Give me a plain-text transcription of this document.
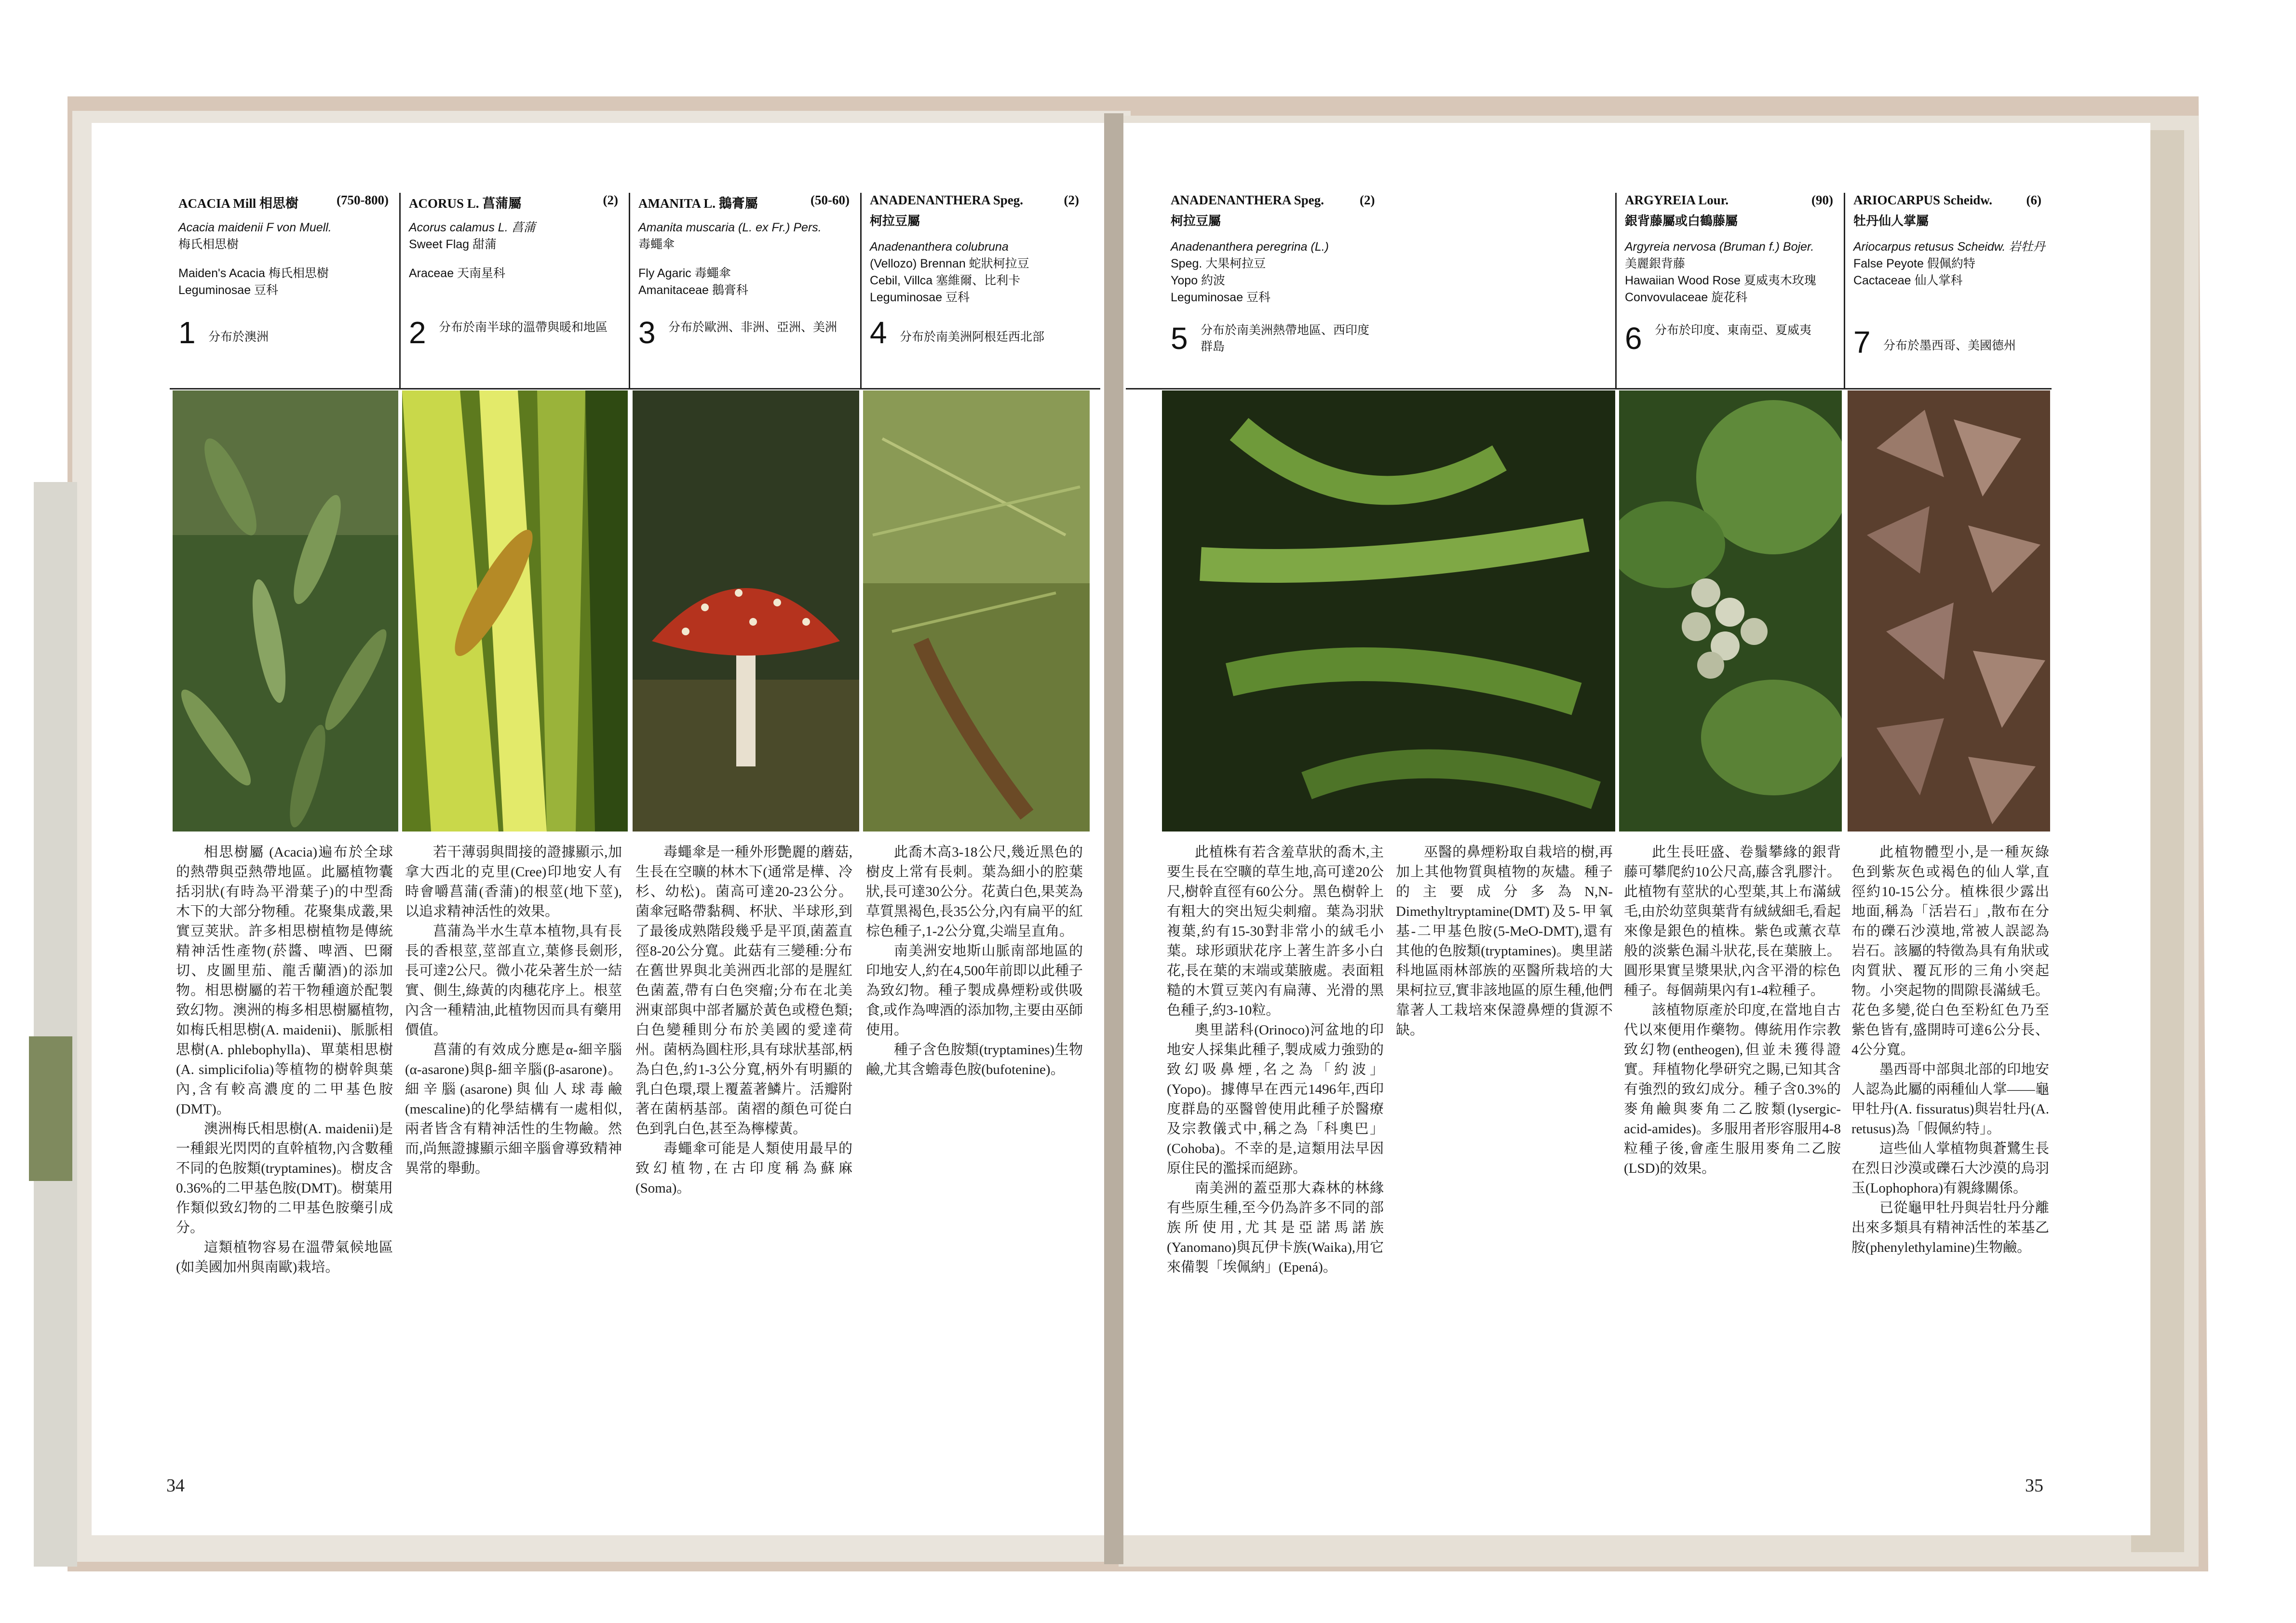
ACACIA Mill 相思樹	(750-800)
Acacia maidenii F von Muell.
梅氏相思樹
Maiden's Acacia 梅氏相思樹
Leguminosae 豆科
1 分布於澳洲
ACORUS L. 菖蒲屬	(2)
Acorus calamus L. 菖蒲
Sweet Flag 甜蒲
Araceae 天南星科
2 分布於南半球的溫帶與暖和地區
AMANITA L. 鵝膏屬	(50-60)
Amanita muscaria (L. ex Fr.) Pers.
毒蠅傘
Fly Agaric 毒蠅傘
Amanitaceae 鵝膏科
3 分布於歐洲、非洲、亞洲、美洲
ANADENANTHERA Speg.	(2)
柯拉豆屬
Anadenanthera colubruna
(Vellozo) Brennan 蛇狀柯拉豆
Cebil, Villca 塞維爾、比利卡
Leguminosae 豆科
4 分布於南美洲阿根廷西北部
ANADENANTHERA Speg.	(2)
柯拉豆屬
Anadenanthera peregrina (L.)
Speg. 大果柯拉豆
Yopo 約波
Leguminosae 豆科
5 分布於南美洲熱帶地區、西印度群島
ARGYREIA Lour.	(90)
銀背藤屬或白鶴藤屬
Argyreia nervosa (Bruman f.) Bojer.
美麗銀背藤
Hawaiian Wood Rose 夏威夷木玫瑰
Convovulaceae 旋花科
6 分布於印度、東南亞、夏威夷
ARIOCARPUS Scheidw.	(6)
牡丹仙人掌屬
Ariocarpus retusus Scheidw. 岩牡丹
False Peyote 假佩約特
Cactaceae 仙人掌科
7 分布於墨西哥、美國德州

相思樹屬 (Acacia)遍布於全球的熱帶與亞熱帶地區。此屬植物囊括羽狀(有時為平滑葉子)的中型喬木下的大部分物種。花聚集成叢,果實豆荚狀。許多相思樹植物是傳統精神活性產物(菸醬、啤酒、巴爾切、皮圖里茄、龍舌蘭酒)的添加物。相思樹屬的若干物種適於配製致幻物。澳洲的梅多相思樹屬植物,如梅氏相思樹(A. maidenii)、脈脈相思樹(A. phlebophylla)、單葉相思樹(A. simplicifolia)等植物的樹幹與葉內,含有較高濃度的二甲基色胺(DMT)。

澳洲梅氏相思樹(A. maidenii)是一種銀光閃閃的直幹植物,內含數種不同的色胺類(tryptamines)。樹皮含0.36%的二甲基色胺(DMT)。樹葉用作類似致幻物的二甲基色胺藥引成分。

這類植物容易在溫帶氣候地區(如美國加州與南歐)栽培。

若干薄弱與間接的證據顯示,加拿大西北的克里(Cree)印地安人有時會嚼菖蒲(香蒲)的根莖(地下莖),以追求精神活性的效果。

菖蒲為半水生草本植物,具有長長的香根莖,莖部直立,葉修長劍形,長可達2公尺。微小花朵著生於一結實、側生,綠黃的肉穗花序上。根莖內含一種精油,此植物因而具有藥用價值。

菖蒲的有效成分應是α-細辛腦(α-asarone)與β-細辛腦(β-asarone)。細辛腦(asarone)與仙人球毒鹼(mescaline)的化學結構有一處相似,兩者皆含有精神活性的生物鹼。然而,尚無證據顯示細辛腦會導致精神異常的舉動。

毒蠅傘是一種外形艷麗的蘑菇,生長在空曠的林木下(通常是樺、冷杉、幼松)。菌高可達20-23公分。菌傘冠略帶黏稠、杯狀、半球形,到了最後成熟階段幾乎是平頂,菌蓋直徑8-20公分寬。此菇有三變種:分布在舊世界與北美洲西北部的是腥紅色菌蓋,帶有白色突瘤;分布在北美洲東部與中部者屬於黃色或橙色類;白色變種則分布於美國的愛達荷州。菌柄為圓柱形,具有球狀基部,柄為白色,約1-3公分寬,柄外有明顯的乳白色環,環上覆蓋著鱗片。活瓣附著在菌柄基部。菌褶的顏色可從白色到乳白色,甚至為檸檬黃。

毒蠅傘可能是人類使用最早的致幻植物,在古印度稱為蘇麻(Soma)。

此喬木高3-18公尺,幾近黑色的樹皮上常有長刺。葉為細小的腔葉狀,長可達30公分。花黃白色,果荚為草質黑褐色,長35公分,內有扁平的紅棕色種子,1-2公分寬,尖端呈直角。

南美洲安地斯山脈南部地區的印地安人,約在4,500年前即以此種子為致幻物。種子製成鼻煙粉或供吸食,或作為啤酒的添加物,主要由巫師使用。

種子含色胺類(tryptamines)生物鹼,尤其含蟾毒色胺(bufotenine)。

此植株有若含羞草狀的喬木,主要生長在空曠的草生地,高可達20公尺,樹幹直徑有60公分。黑色樹幹上有粗大的突出短尖刺瘤。葉為羽狀複葉,約有15-30對非常小的絨毛小葉。球形頭狀花序上著生許多小白花,長在葉的末端或葉腋處。表面粗糙的木質豆荚內有扁薄、光滑的黑色種子,約3-10粒。

奧里諾科(Orinoco)河盆地的印地安人採集此種子,製成威力強勁的致幻吸鼻煙,名之為「約波」(Yopo)。據傳早在西元1496年,西印度群島的巫醫曾使用此種子於醫療及宗教儀式中,稱之為「科奧巴」(Cohoba)。不幸的是,這類用法早因原住民的濫採而絕跡。

南美洲的蓋亞那大森林的林緣有些原生種,至今仍為許多不同的部族所使用,尤其是亞諾馬諾族(Yanomano)與瓦伊卡族(Waika),用它來備製「埃佩納」(Epená)。

巫醫的鼻煙粉取自栽培的樹,再加上其他物質與植物的灰燼。種子的主要成分多為N,N-Dimethyltryptamine(DMT)及5-甲氧基-二甲基色胺(5-MeO-DMT),還有其他的色胺類(tryptamines)。奧里諾科地區雨林部族的巫醫所栽培的大果柯拉豆,實非該地區的原生種,他們靠著人工栽培來保證鼻煙的貨源不缺。

此生長旺盛、卷鬚攀緣的銀背藤可攀爬約10公尺高,藤含乳膠汁。此植物有莖狀的心型葉,其上布滿絨毛,由於幼莖與葉背有絨絨細毛,看起來像是銀色的植株。紫色或薰衣草般的淡紫色漏斗狀花,長在葉腋上。圓形果實呈漿果狀,內含平滑的棕色種子。每個蒴果內有1-4粒種子。

該植物原產於印度,在當地自古代以來便用作藥物。傳統用作宗教致幻物(entheogen),但並未獲得證實。拜植物化學研究之賜,已知其含有強烈的致幻成分。種子含0.3%的麥角鹼與麥角二乙胺類(lysergic-acid-amides)。多服用者形容服用4-8粒種子後,會產生服用麥角二乙胺(LSD)的效果。

此植物體型小,是一種灰綠色到紫灰色或褐色的仙人掌,直徑約10-15公分。植株很少露出地面,稱為「活岩石」,散布在分布的礫石沙漠地,常被人誤認為岩石。該屬的特徵為具有角狀或肉質狀、覆瓦形的三角小突起物。小突起物的間隙長滿絨毛。花色多變,從白色至粉紅色乃至紫色皆有,盛開時可達6公分長、4公分寬。

墨西哥中部與北部的印地安人認為此屬的兩種仙人掌——龜甲牡丹(A. fissuratus)與岩牡丹(A. retusus)為「假佩約特」。

這些仙人掌植物與蒼鷺生長在烈日沙漠或礫石大沙漠的烏羽玉(Lophophora)有親緣關係。

已從龜甲牡丹與岩牡丹分離出來多類具有精神活性的苯基乙胺(phenylethylamine)生物鹼。

34	35
